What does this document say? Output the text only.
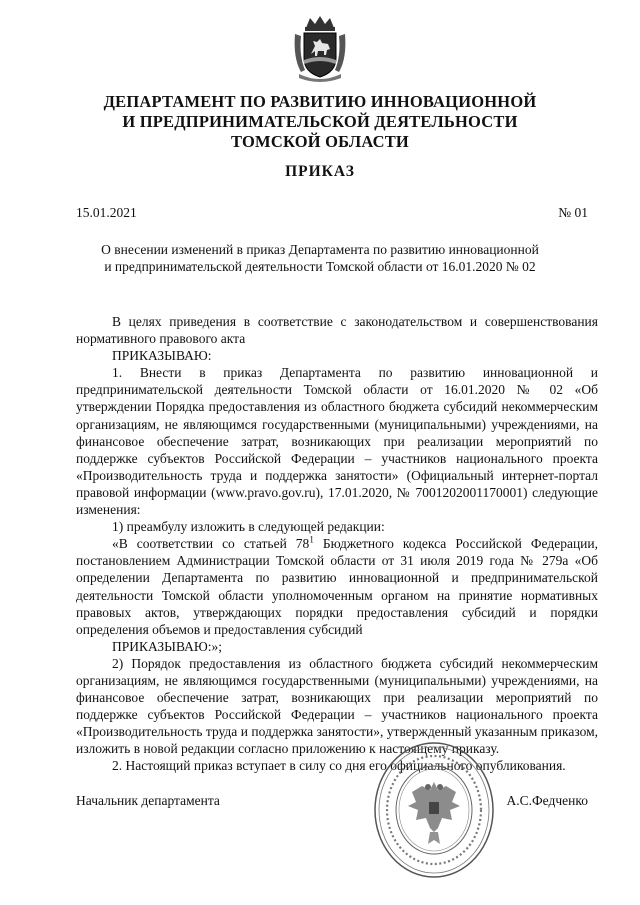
ДЕПАРТАМЕНТ ПО РАЗВИТИЮ ИННОВАЦИОННОЙ
И ПРЕДПРИНИМАТЕЛЬСКОЙ ДЕЯТЕЛЬНОСТИ
ТОМСКОЙ ОБЛАСТИ
ПРИКАЗ
15.01.2021	№ 01
О внесении изменений в приказ Департамента по развитию инновационной
и предпринимательской деятельности Томской области от 16.01.2020 № 02

В целях приведения в соответствие с законодательством и совершенствования нормативного правового акта

ПРИКАЗЫВАЮ:

1. Внести в приказ Департамента по развитию инновационной и предпринимательской деятельности Томской области от 16.01.2020 № 02 «Об утверждении Порядка предоставления из областного бюджета субсидий некоммерческим организациям, не являющимся государственными (муниципальными) учреждениями, на финансовое обеспечение затрат, возникающих при реализации мероприятий по поддержке субъектов Российской Федерации – участников национального проекта «Производительность труда и поддержка занятости» (Официальный интернет-портал правовой информации (www.pravo.gov.ru), 17.01.2020, № 7001202001170001) следующие изменения:

1) преамбулу изложить в следующей редакции:

«В соответствии со статьей $78^1$ Бюджетного кодекса Российской Федерации, постановлением Администрации Томской области от 31 июля 2019 года № 279а «Об определении Департамента по развитию инновационной и предпринимательской деятельности Томской области уполномоченным органом на принятие нормативных правовых актов, утверждающих порядки предоставления субсидий и порядки определения объемов и предоставления субсидий

ПРИКАЗЫВАЮ:»;

2) Порядок предоставления из областного бюджета субсидий некоммерческим организациям, не являющимся государственными (муниципальными) учреждениями, на финансовое обеспечение затрат, возникающих при реализации мероприятий по поддержке субъектов Российской Федерации – участников национального проекта «Производительность труда и поддержка занятости», утвержденный указанным приказом, изложить в новой редакции согласно приложению к настоящему приказу.

2. Настоящий приказ вступает в силу со дня его официального опубликования.

Начальник департамента	А.С.Федченко
